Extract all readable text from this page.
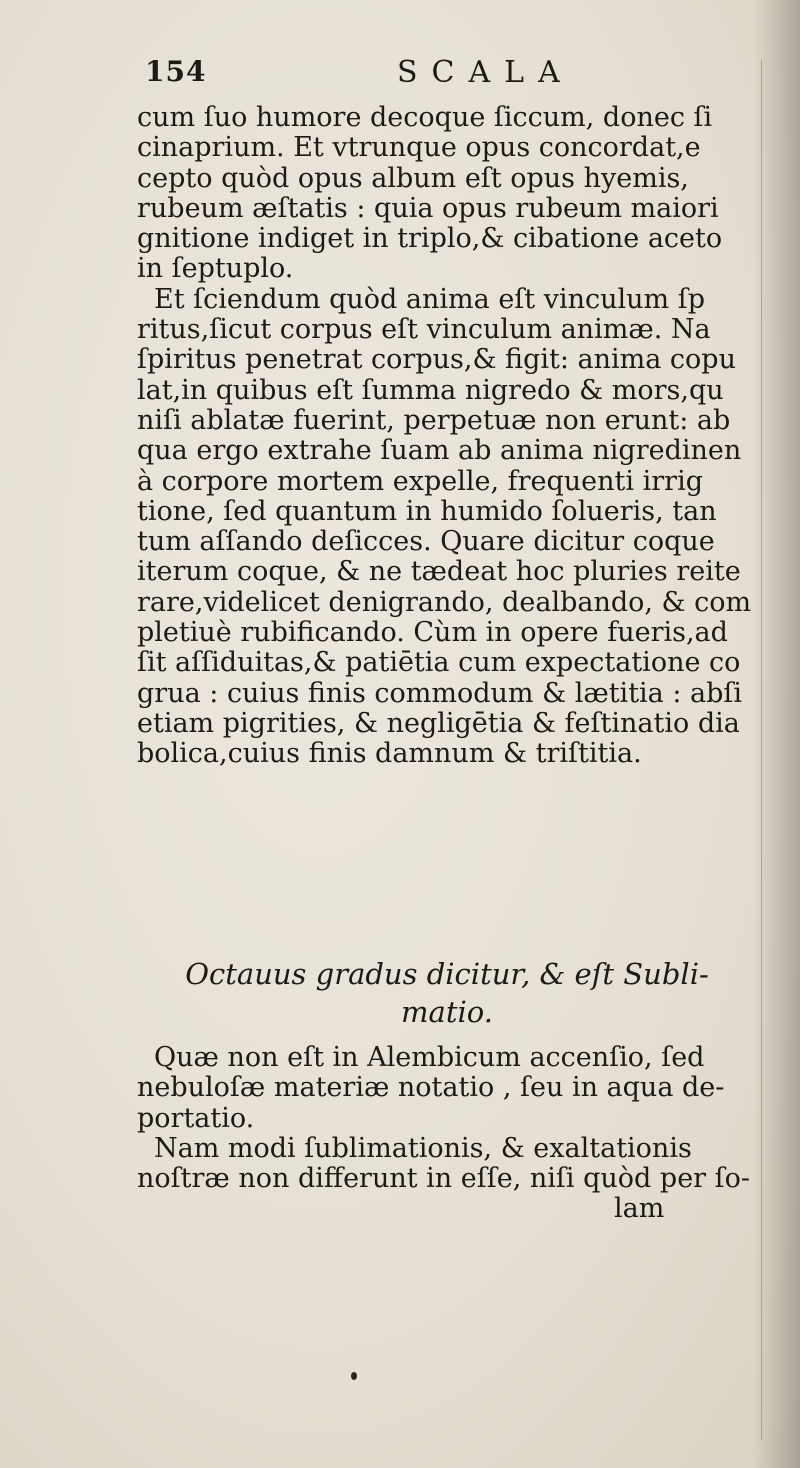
154	SCALA
cum ſuo humore decoque ſiccum, donec ſi
cinaprium. Et vtrunque opus concordat,e
cepto quòd opus album eſt opus hyemis,
rubeum æſtatis : quia opus rubeum maiori
gnitione indiget in triplo,& cibatione aceto
in ſeptuplo.
Et ſciendum quòd anima eſt vinculum ſp
ritus,ſicut corpus eſt vinculum animæ. Na
ſpiritus penetrat corpus,& figit: anima copu
lat,in quibus eſt ſumma nigredo & mors,qu
niſi ablatæ fuerint, perpetuæ non erunt: ab
qua ergo extrahe ſuam ab anima nigredinen
à corpore mortem expelle, frequenti irrig
tione, ſed quantum in humido ſolueris, tan
tum aſſando deſicces. Quare dicitur coque
iterum coque, & ne tædeat hoc pluries reite
rare,videlicet denigrando, dealbando, & com
pletiuè rubificando. Cùm in opere fueris,ad
ſit aſſiduitas,& patiētia cum expectatione co
grua : cuius finis commodum & lætitia : abſi
etiam pigrities, & negligētia & feſtinatio dia
bolica,cuius finis damnum & triſtitia.
Octauus gradus dicitur, & eſt Subli-
matio.
Quæ non eſt in Alembicum accenſio, ſed
nebuloſæ materiæ notatio , ſeu in aqua de-
portatio.
Nam modi ſublimationis, & exaltationis
noſtræ non differunt in eſſe, niſi quòd per ſo-
lam
